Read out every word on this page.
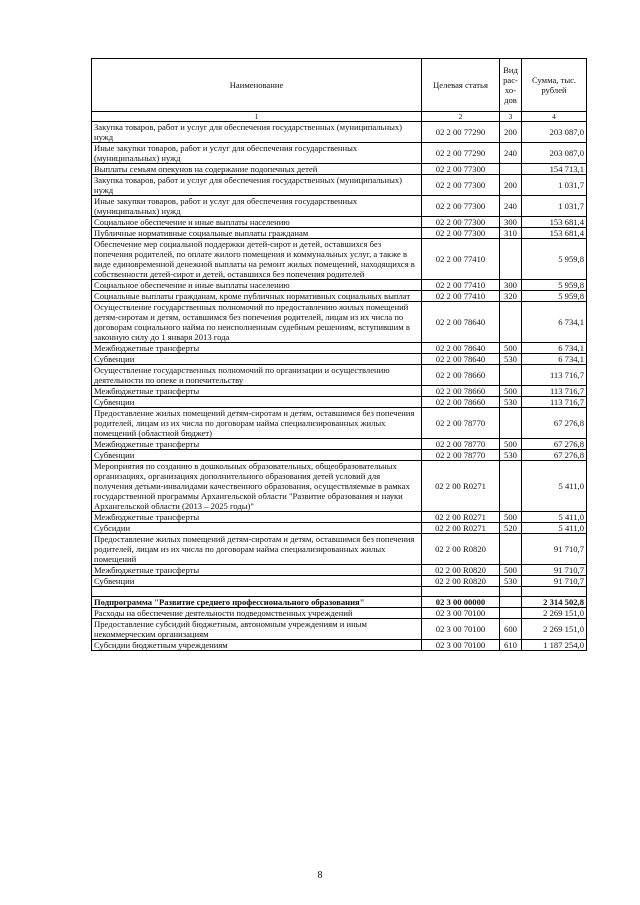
Наименование	Целевая статья	Вид рас-хо-дов	Сумма, тыс. рублей
1	2	3	4
Закупка товаров, работ и услуг для обеспечения государственных (муниципальных) нужд	02 2 00 77290	200	203 087,0
Иные закупки товаров, работ и услуг для обеспечения государственных (муниципальных) нужд	02 2 00 77290	240	203 087,0
Выплаты семьям опекунов на содержание подопечных детей	02 2 00 77300		154 713,1
Закупка товаров, работ и услуг для обеспечения государственных (муниципальных) нужд	02 2 00 77300	200	1 031,7
Иные закупки товаров, работ и услуг для обеспечения государственных (муниципальных) нужд	02 2 00 77300	240	1 031,7
Социальное обеспечение и иные выплаты населению	02 2 00 77300	300	153 681,4
Публичные нормативные социальные выплаты гражданам	02 2 00 77300	310	153 681,4
Обеспечение мер социальной поддержки детей-сирот и детей, оставшихся без попечения родителей, по оплате жилого помещения и коммунальных услуг, а также в виде единовременной денежной выплаты на ремонт жилых помещений, находящихся в собственности детей-сирот и детей, оставшихся без попечения родителей	02 2 00 77410		5 959,8
Социальное обеспечение и иные выплаты населению	02 2 00 77410	300	5 959,8
Социальные выплаты гражданам, кроме публичных нормативных социальных выплат	02 2 00 77410	320	5 959,8
Осуществление государственных полномочий по предоставлению жилых помещений детям-сиротам и детям, оставшимся без попечения родителей, лицам из их числа по договорам социального найма по неисполненным судебным решениям, вступившим в законную силу до 1 января 2013 года	02 2 00 78640		6 734,1
Межбюджетные трансферты	02 2 00 78640	500	6 734,1
Субвенции	02 2 00 78640	530	6 734,1
Осуществление государственных полномочий по организации и осуществлению деятельности по опеке и попечительству	02 2 00 78660		113 716,7
Межбюджетные трансферты	02 2 00 78660	500	113 716,7
Субвенции	02 2 00 78660	530	113 716,7
Предоставление жилых помещений детям-сиротам и детям, оставшимся без попечения родителей, лицам из их числа по договорам найма специализированных жилых помещений (областной бюджет)	02 2 00 78770		67 276,8
Межбюджетные трансферты	02 2 00 78770	500	67 276,8
Субвенции	02 2 00 78770	530	67 276,8
Мероприятия по созданию в дошкольных образовательных, общеобразовательных организациях, организациях дополнительного образования детей условий для получения детьми-инвалидами качественного образования, осуществляемые в рамках государственной программы Архангельской области "Развитие образования и науки Архангельской области (2013 – 2025 годы)"	02 2 00 R0271		5 411,0
Межбюджетные трансферты	02 2 00 R0271	500	5 411,0
Субсидии	02 2 00 R0271	520	5 411,0
Предоставление жилых помещений детям-сиротам и детям, оставшимся без попечения родителей, лицам из их числа по договорам найма специализированных жилых помещений	02 2 00 R0820		91 710,7
Межбюджетные трансферты	02 2 00 R0820	500	91 710,7
Субвенции	02 2 00 R0820	530	91 710,7

Подпрограмма "Развитие среднего профессионального образования"	02 3 00 00000		2 314 502,8
Расходы на обеспечение деятельности подведомственных учреждений	02 3 00 70100		2 269 151,0
Предоставление субсидий бюджетным, автономным учреждениям и иным некоммерческим организациям	02 3 00 70100	600	2 269 151,0
Субсидии бюджетным учреждениям	02 3 00 70100	610	1 187 254,0
8
